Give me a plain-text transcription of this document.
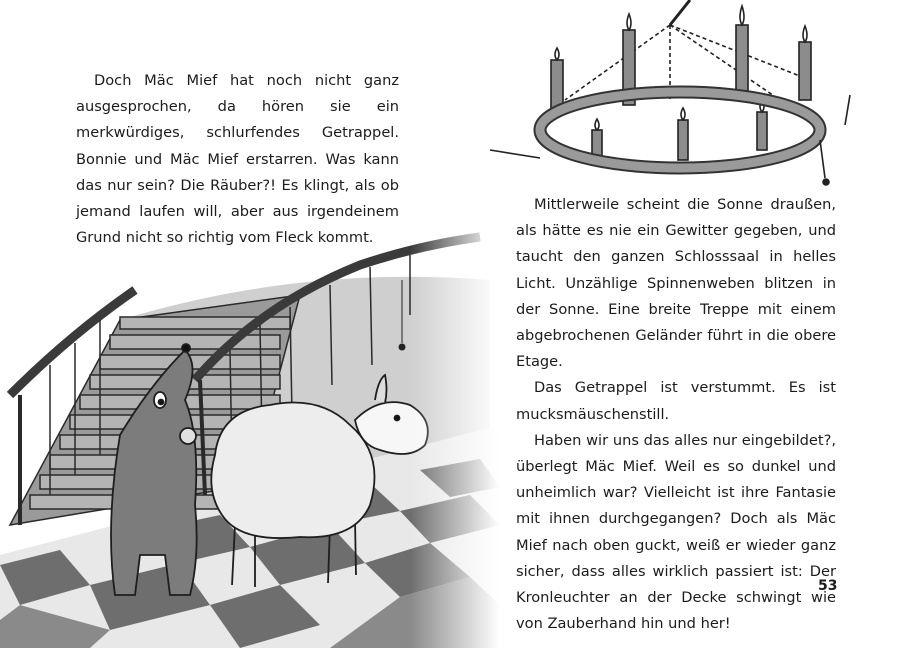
Doch Mäc Mief hat noch nicht ganz ausgesprochen, da hören sie ein merkwürdiges, schlurfendes Getrappel. Bonnie und Mäc Mief erstarren. Was kann das nur sein? Die Räuber?! Es klingt, als ob jemand laufen will, aber aus irgendeinem Grund nicht so richtig vom Fleck kommt.

Mittlerweile scheint die Sonne draußen, als hätte es nie ein Gewitter gegeben, und taucht den ganzen Schlosssaal in helles Licht. Unzählige Spinnenweben blitzen in der Sonne. Eine breite Treppe mit einem abgebrochenen Geländer führt in die obere Etage.

Das Getrappel ist verstummt. Es ist mucksmäuschenstill.

Haben wir uns das alles nur eingebildet?, überlegt Mäc Mief. Weil es so dunkel und unheimlich war? Vielleicht ist ihre Fantasie mit ihnen durchgegangen? Doch als Mäc Mief nach oben guckt, weiß er wieder ganz sicher, dass alles wirklich passiert ist: Der Kronleuchter an der Decke schwingt wie von Zauberhand hin und her!

53
